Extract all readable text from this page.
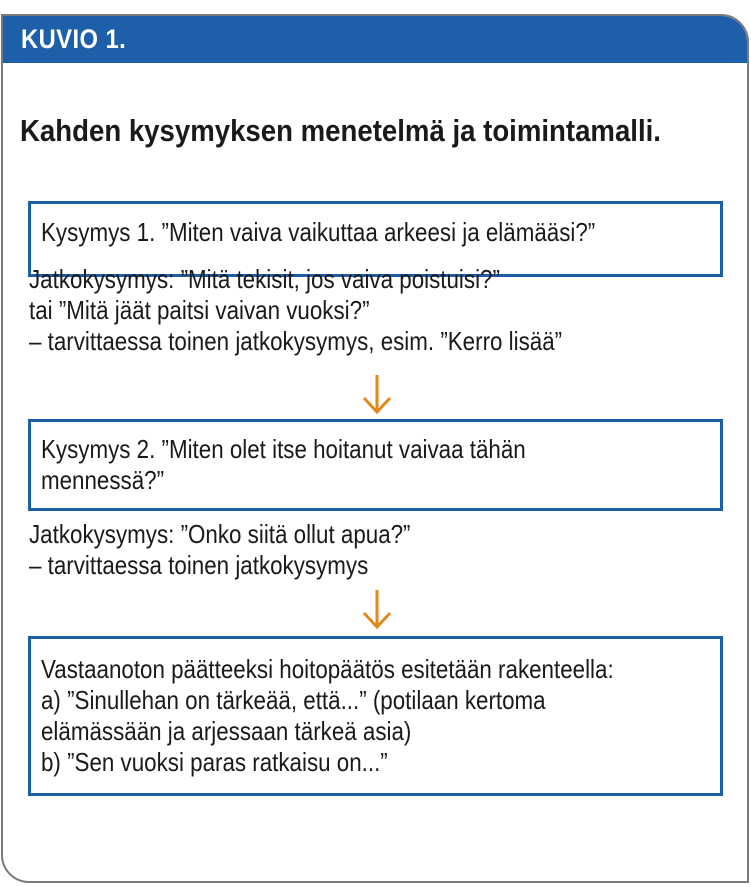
KUVIO 1.
Kahden kysymyksen menetelmä ja toimintamalli.
Kysymys 1. ”Miten vaiva vaikuttaa arkeesi ja elämääsi?”
Jatkokysymys: ”Mitä tekisit, jos vaiva poistuisi?”
tai ”Mitä jäät paitsi vaivan vuoksi?”
– tarvittaessa toinen jatkokysymys, esim. ”Kerro lisää”
Kysymys 2. ”Miten olet itse hoitanut vaivaa tähän
mennessä?”
Jatkokysymys: ”Onko siitä ollut apua?”
– tarvittaessa toinen jatkokysymys
Vastaanoton päätteeksi hoitopäätös esitetään rakenteella:
a) ”Sinullehan on tärkeää, että...” (potilaan kertoma
elämässään ja arjessaan tärkeä asia)
b) ”Sen vuoksi paras ratkaisu on...”
